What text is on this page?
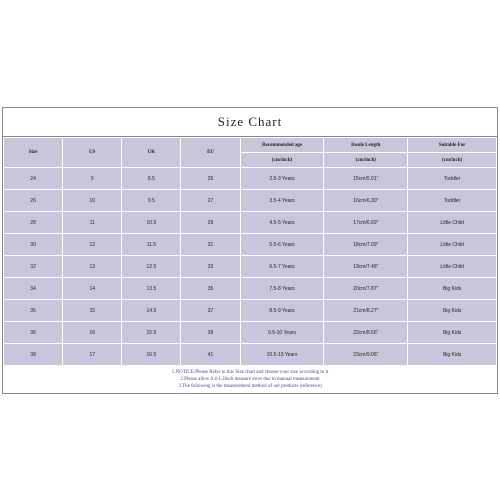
Size Chart
Size	US	UK	EU	Recommended age	Insole Length	Suitable For
				(cm/inch)	(cm/inch)	(cm/inch)
24	9	8.5	25	2.5-3 Years	15cm/5.91"	Toddler
26	10	9.5	27	3.5-4 Years	16cm/6.30"	Toddler
28	11	10.5	29	4.5-5 Years	17cm/6.69"	Little Child
30	12	11.5	31	5.5-6 Years	18cm/7.09"	Little Child
32	13	12.5	33	6.5-7 Years	19cm/7.48"	Little Child
34	14	13.5	35	7.5-8 Years	20cm/7.87"	Big Kids
35	15	14.5	37	8.5-9 Years	21cm/8.27"	Big Kids
36	16	15.5	39	9.5-10 Years	22cm/8.66"	Big Kids
38	17	16.5	41	10.5-13 Years	23cm/9.06"	Big Kids
1.NOTICE:Please Refer to this Size chart and choose your size according to it
2.Please allow 0.4-1.2inch measure error due to manual measurement
3.The following is the measurement method of our products (reference)
